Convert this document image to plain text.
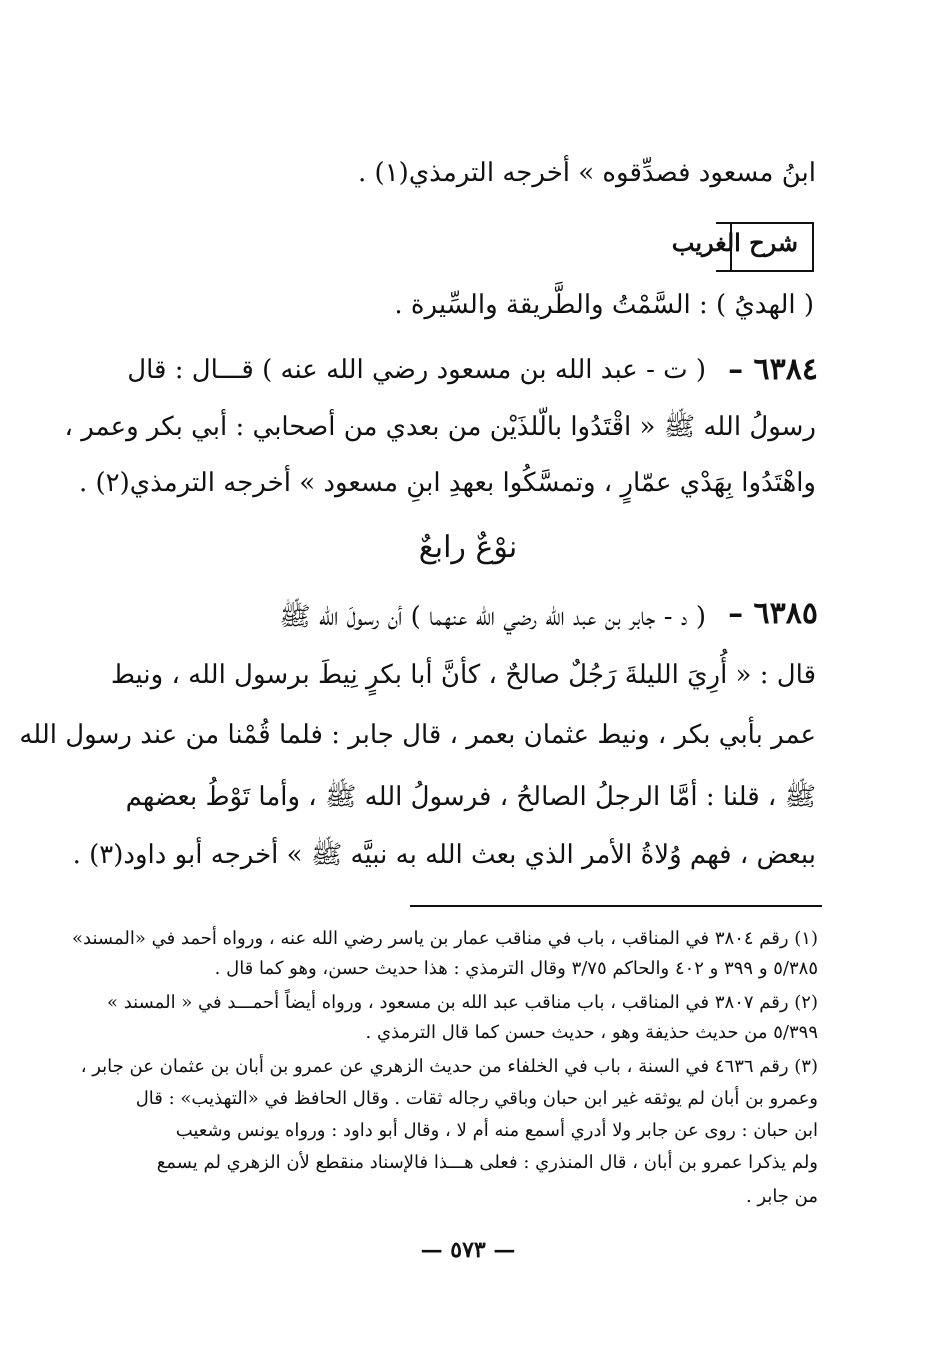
ابنُ مسعود فصدِّقوه » أخرجه الترمذي(١) .
شرح الغريب
( الهديُ ) : السَّمْتُ والطَّريقة والسِّيرة .
٦٣٨٤ –
( ت - عبد الله بن مسعود رضي الله عنه ) قـــال : قال
رسولُ الله ﷺ « اقْتَدُوا بالّلذَيْن من بعدي من أصحابي : أبي بكر وعمر ،
واهْتَدُوا بِهَدْي عمّارٍ ، وتمسَّكُوا بعهدِ ابنِ مسعود » أخرجه الترمذي(٢) .
نوْعٌ رابعٌ
٦٣٨٥ –
( د - جابر بن عبد الله رضي الله عنهما ) أن رسولَ الله ﷺ
قال : « أُرِيَ الليلةَ رَجُلٌ صالحٌ ، كأنَّ أبا بكرٍ نِيطَ برسول الله ، ونيط
عمر بأبي بكر ، ونيط عثمان بعمر ، قال جابر : فلما قُمْنا من عند رسول الله
ﷺ ، قلنا : أمَّا الرجلُ الصالحُ ، فرسولُ الله ﷺ ، وأما تَوْطُ بعضهم
ببعض ، فهم وُلاةُ الأمر الذي بعث الله به نبيَّه ﷺ » أخرجه أبو داود(٣) .
(١) رقم ٣٨٠٤ في المناقب ، باب في مناقب عمار بن ياسر رضي الله عنه ، ورواه أحمد في «المسند»
٥/٣٨٥ و ٣٩٩ و ٤٠٢ والحاكم ٣/٧٥ وقال الترمذي : هذا حديث حسن، وهو كما قال .
(٢) رقم ٣٨٠٧ في المناقب ، باب مناقب عبد الله بن مسعود ، ورواه أيضاً أحمـــد في « المسند »
٥/٣٩٩ من حديث حذيفة وهو ، حديث حسن كما قال الترمذي .
(٣) رقم ٤٦٣٦ في السنة ، باب في الخلفاء من حديث الزهري عن عمرو بن أبان بن عثمان عن جابر ،
وعمرو بن أبان لم يوثقه غير ابن حبان وباقي رجاله ثقات . وقال الحافظ في «التهذيب» : قال
ابن حبان : روى عن جابر ولا أدري أسمع منه أم لا ، وقال أبو داود : ورواه يونس وشعيب
ولم يذكرا عمرو بن أبان ، قال المنذري : فعلى هـــذا فالإسناد منقطع لأن الزهري لم يسمع
من جابر .
— ٥٧٣ —
